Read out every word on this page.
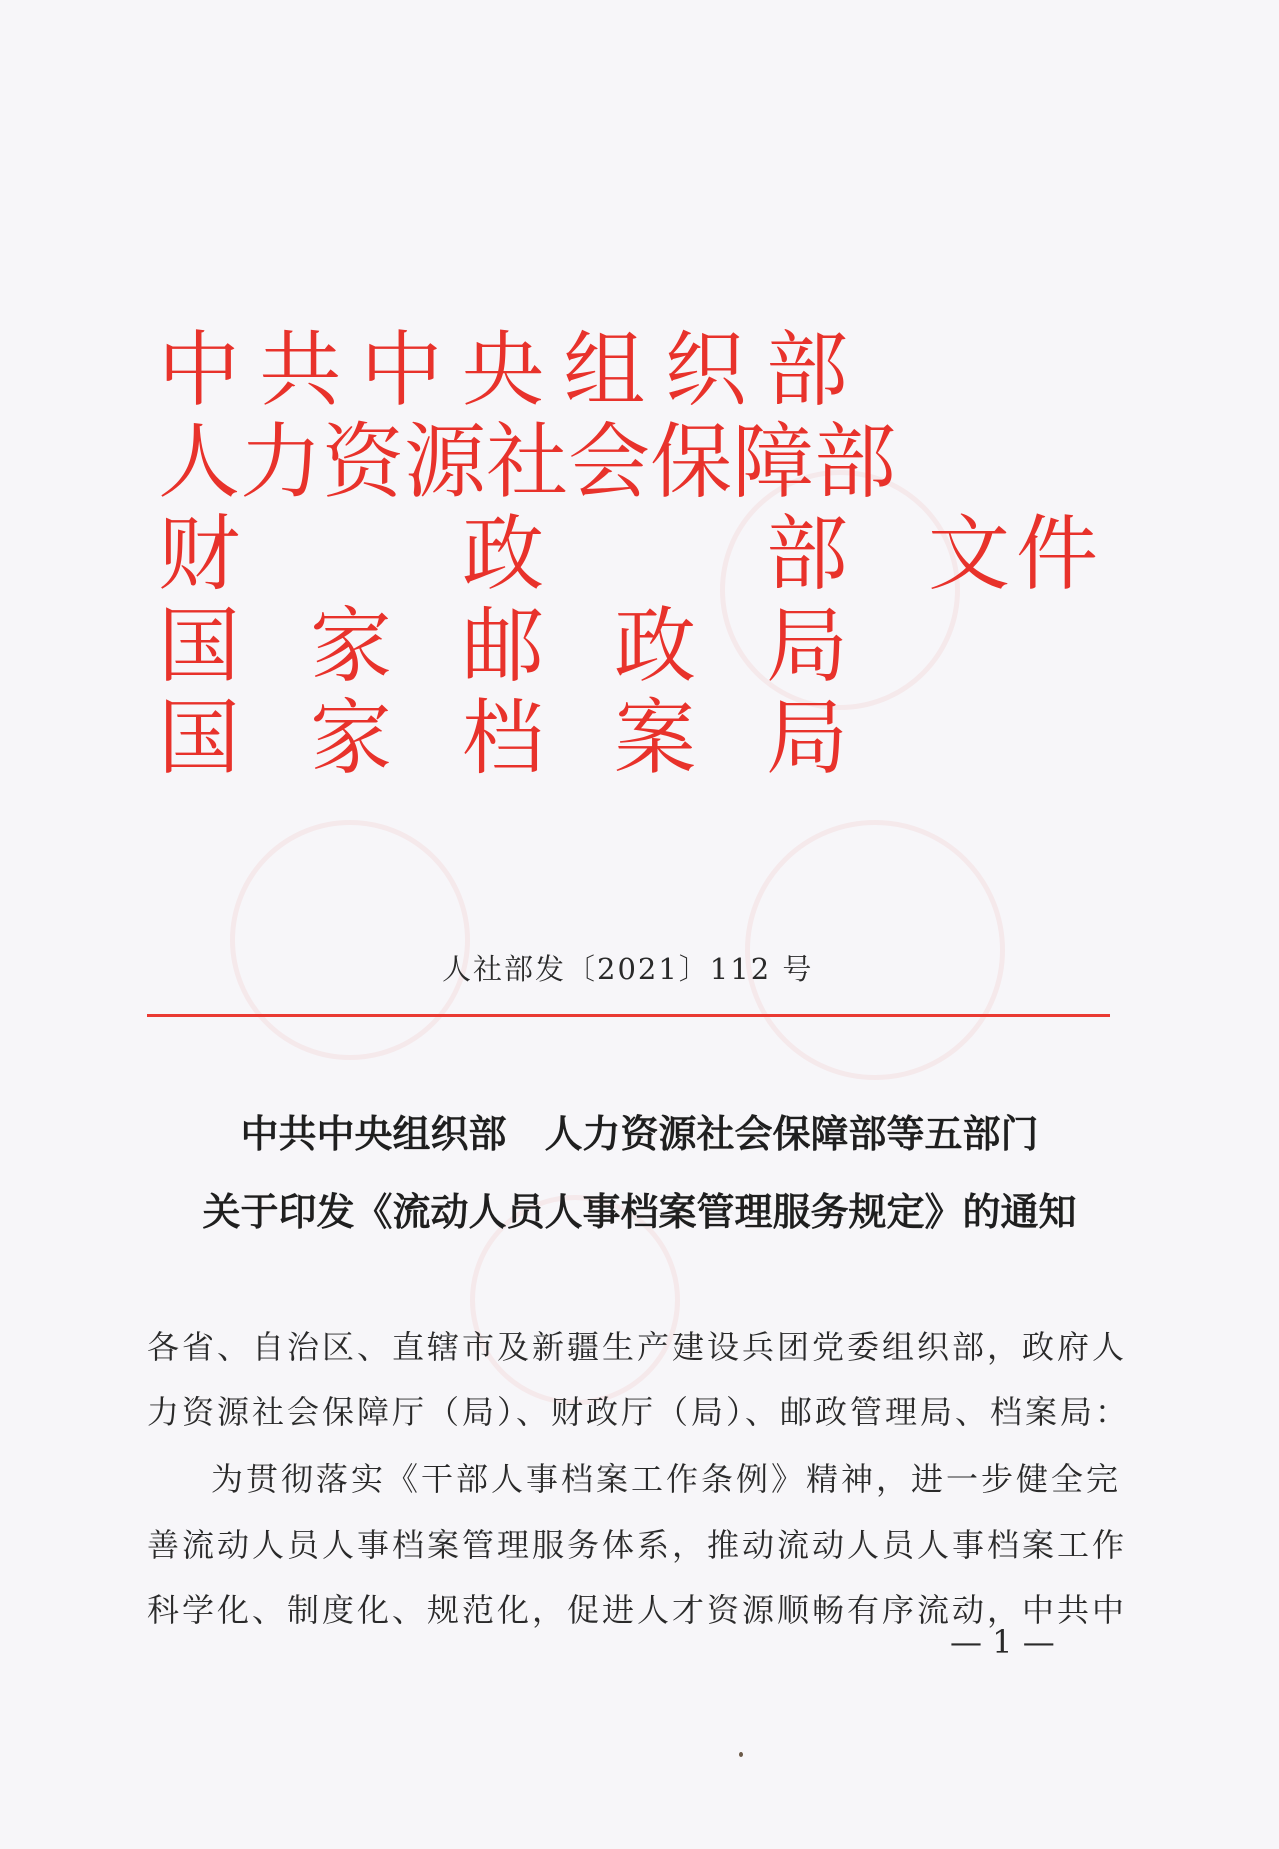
中 共 中 央 组 织 部
人 力 资 源 社 会 保 障 部
财	政	部 文件
国 家 邮 政 局
国 家 档 案 局
人社部发〔2021〕112 号
中共中央组织部　人力资源社会保障部等五部门
关于印发《流动人员人事档案管理服务规定》的通知
各省、自治区、直辖市及新疆生产建设兵团党委组织部，政府人
力资源社会保障厅（局）、财政厅（局）、邮政管理局、档案局：
为贯彻落实《干部人事档案工作条例》精神，进一步健全完
善流动人员人事档案管理服务体系，推动流动人员人事档案工作
科学化、制度化、规范化，促进人才资源顺畅有序流动，中共中
— 1 —
